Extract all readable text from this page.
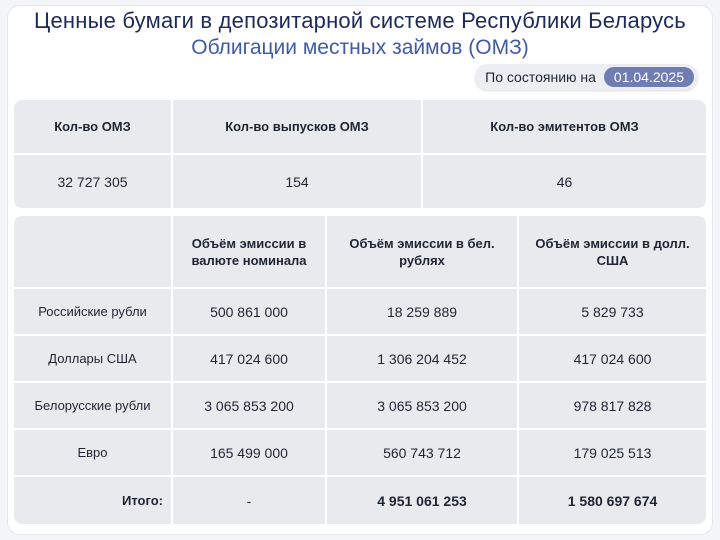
Ценные бумаги в депозитарной системе Республики Беларусь
Облигации местных займов (ОМЗ)
По состоянию на	01.04.2025
Кол-во ОМЗ	Кол-во выпусков ОМЗ	Кол-во эмитентов ОМЗ
32 727 305	154	46
	Объём эмиссии в валюте номинала	Объём эмиссии в бел. рублях	Объём эмиссии в долл. США
Российские рубли	500 861 000	18 259 889	5 829 733
Доллары США	417 024 600	1 306 204 452	417 024 600
Белорусские рубли	3 065 853 200	3 065 853 200	978 817 828
Евро	165 499 000	560 743 712	179 025 513
Итого:	-	4 951 061 253	1 580 697 674
